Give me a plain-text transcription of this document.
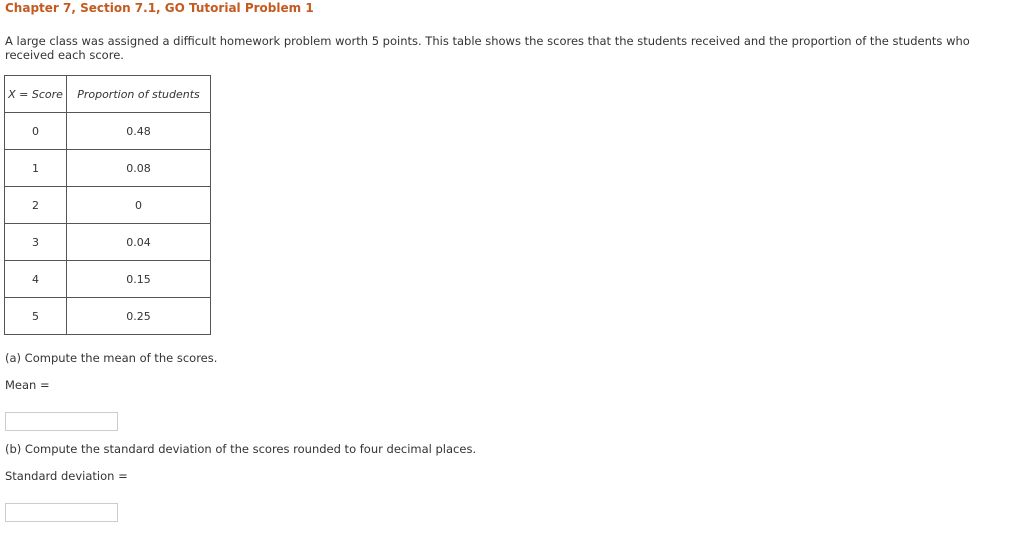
Chapter 7, Section 7.1, GO Tutorial Problem 1
A large class was assigned a difficult homework problem worth 5 points. This table shows the scores that the students received and the proportion of the students who received each score.
X = Score	Proportion of students
0	0.48
1	0.08
2	0
3	0.04
4	0.15
5	0.25
(a) Compute the mean of the scores.
Mean =
(b) Compute the standard deviation of the scores rounded to four decimal places.
Standard deviation =
